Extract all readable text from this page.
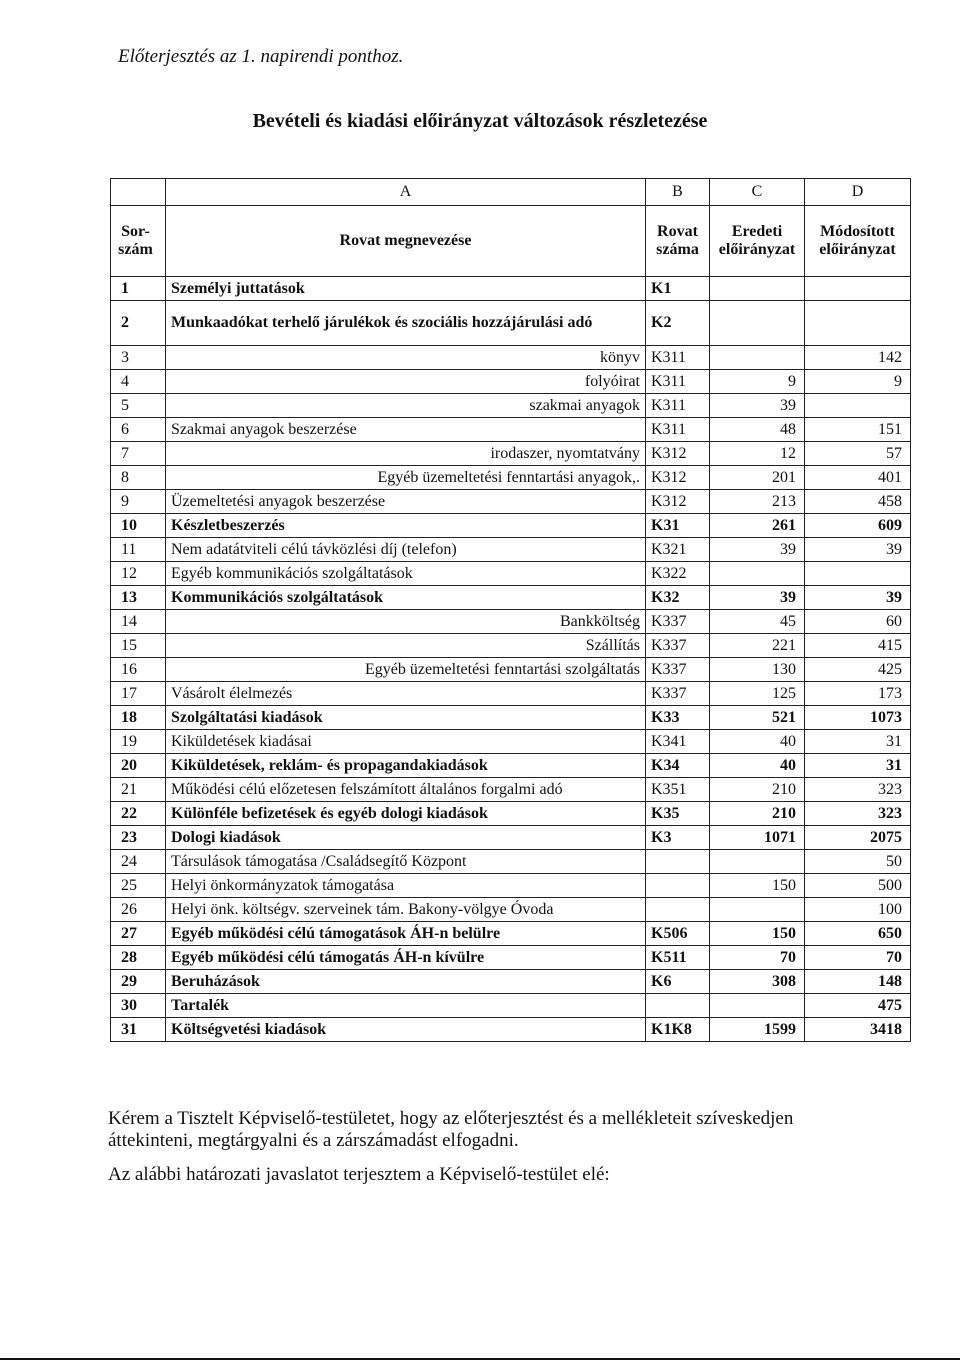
Előterjesztés az 1. napirendi ponthoz.
Bevételi és kiadási előirányzat változások részletezése
	A	B	C	D
Sor-szám	Rovat megnevezése	Rovat száma	Eredeti előirányzat	Módosított előirányzat
1	Személyi juttatások	K1		
2	Munkaadókat terhelő járulékok és szociális hozzájárulási adó	K2		
3	könyv	K311		142
4	folyóirat	K311	9	9
5	szakmai anyagok	K311	39	
6	Szakmai anyagok beszerzése	K311	48	151
7	irodaszer, nyomtatvány	K312	12	57
8	Egyéb üzemeltetési fenntartási anyagok,.	K312	201	401
9	Üzemeltetési anyagok beszerzése	K312	213	458
10	Készletbeszerzés	K31	261	609
11	Nem adatátviteli célú távközlési díj (telefon)	K321	39	39
12	Egyéb kommunikációs szolgáltatások	K322		
13	Kommunikációs szolgáltatások	K32	39	39
14	Bankköltség	K337	45	60
15	Szállítás	K337	221	415
16	Egyéb üzemeltetési fenntartási szolgáltatás	K337	130	425
17	Vásárolt élelmezés	K337	125	173
18	Szolgáltatási kiadások	K33	521	1073
19	Kiküldetések kiadásai	K341	40	31
20	Kiküldetések, reklám- és propagandakiadások	K34	40	31
21	Működési célú előzetesen felszámított általános forgalmi adó	K351	210	323
22	Különféle befizetések és egyéb dologi kiadások	K35	210	323
23	Dologi kiadások	K3	1071	2075
24	Társulások támogatása /Családsegítő Központ			50
25	Helyi önkormányzatok támogatása		150	500
26	Helyi önk. költségv. szerveinek tám. Bakony-völgye Óvoda			100
27	Egyéb működési célú támogatások ÁH-n belülre	K506	150	650
28	Egyéb működési célú támogatás ÁH-n kívülre	K511	70	70
29	Beruházások	K6	308	148
30	Tartalék			475
31	Költségvetési kiadások	K1K8	1599	3418
Kérem a Tisztelt Képviselő-testületet, hogy az előterjesztést és a mellékleteit szíveskedjen áttekinteni, megtárgyalni és a zárszámadást elfogadni.
Az alábbi határozati javaslatot terjesztem a Képviselő-testület elé:
